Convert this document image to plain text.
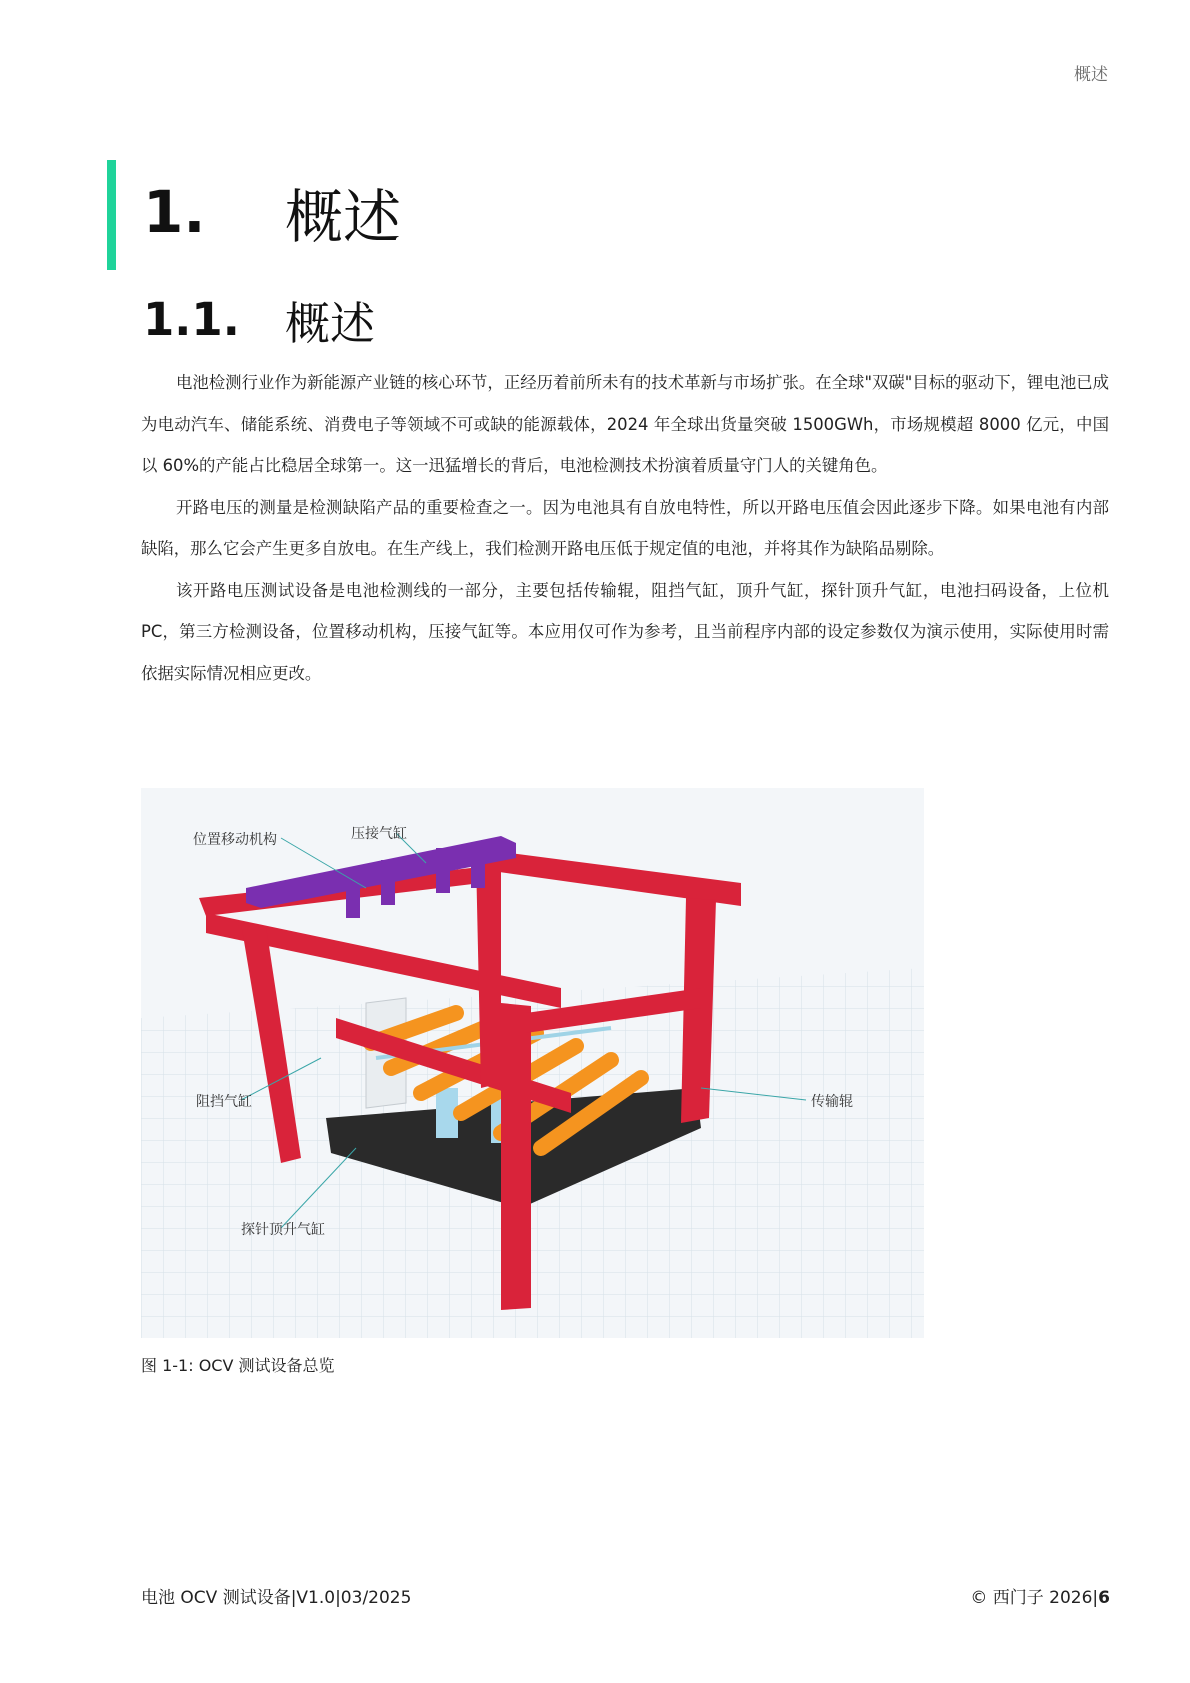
概述
1.	概述
1.1.	概述

电池检测行业作为新能源产业链的核心环节，正经历着前所未有的技术革新与市场扩张。在全球"双碳"目标的驱动下，锂电池已成为电动汽车、储能系统、消费电子等领域不可或缺的能源载体，2024 年全球出货量突破 1500GWh，市场规模超 8000 亿元，中国以 60%的产能占比稳居全球第一。这一迅猛增长的背后，电池检测技术扮演着质量守门人的关键角色。

开路电压的测量是检测缺陷产品的重要检查之一。因为电池具有自放电特性，所以开路电压值会因此逐步下降。如果电池有内部缺陷，那么它会产生更多自放电。在生产线上，我们检测开路电压低于规定值的电池，并将其作为缺陷品剔除。

该开路电压测试设备是电池检测线的一部分，主要包括传输辊，阻挡气缸，顶升气缸，探针顶升气缸，电池扫码设备，上位机 PC，第三方检测设备，位置移动机构，压接气缸等。本应用仅可作为参考，且当前程序内部的设定参数仅为演示使用，实际使用时需依据实际情况相应更改。

位置移动机构	压接气缸
阻挡气缸	传输辊
探针顶升气缸
图 1-1: OCV 测试设备总览
电池 OCV 测试设备|V1.0|03/2025	© 西门子 2026|6
